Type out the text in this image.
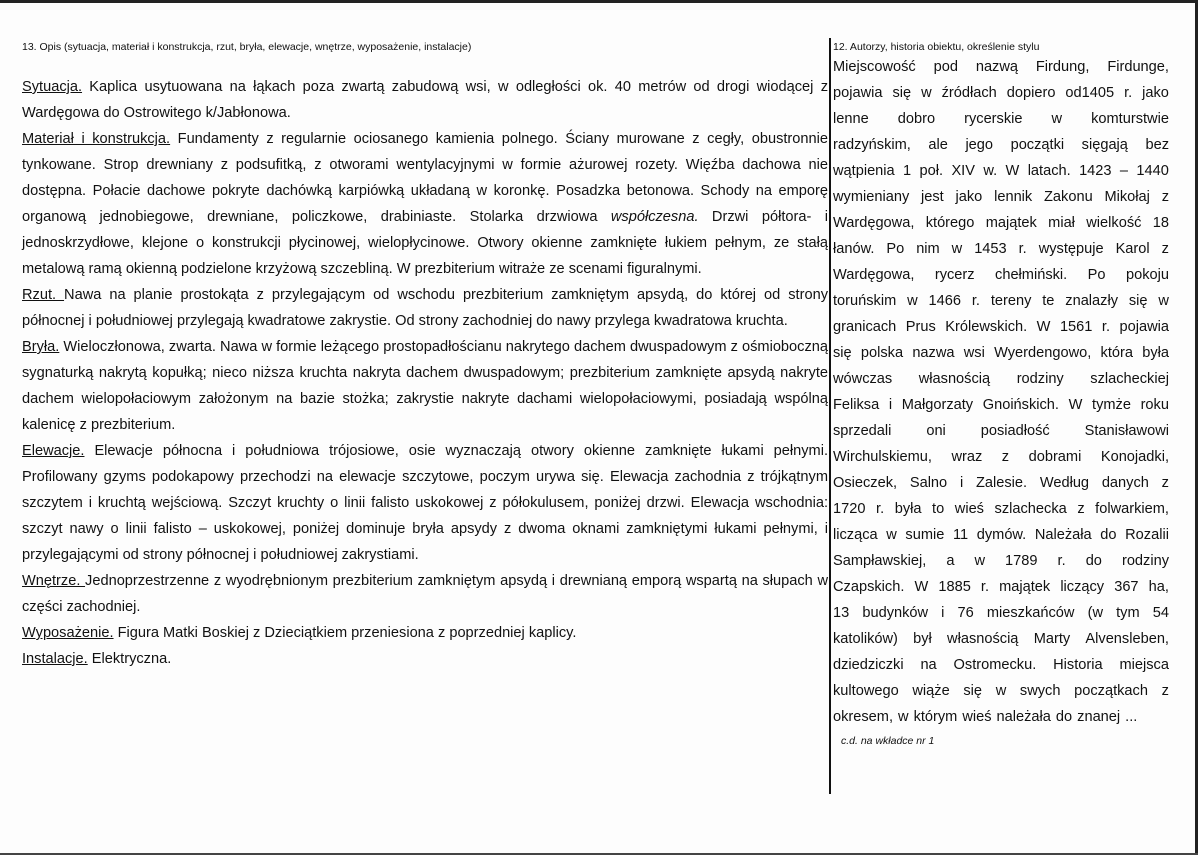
13. Opis (sytuacja, materiał i konstrukcja, rzut, bryła, elewacje, wnętrze, wyposażenie, instalacje)

Sytuacja. Kaplica usytuowana na łąkach poza zwartą zabudową wsi, w odległości ok. 40 metrów od drogi wiodącej z Wardęgowa do Ostrowitego k/Jabłonowa.

Materiał i konstrukcja. Fundamenty z regularnie ociosanego kamienia polnego. Ściany murowane z cegły, obustronnie tynkowane. Strop drewniany z podsufitką, z otworami wentylacyjnymi w formie ażurowej rozety. Więźba dachowa nie dostępna. Połacie dachowe pokryte dachówką karpiówką układaną w koronkę. Posadzka betonowa. Schody na emporę organową jednobiegowe, drewniane, policzkowe, drabiniaste. Stolarka drzwiowa współczesna. Drzwi półtora- i jednoskrzydłowe, klejone o konstrukcji płycinowej, wielopłycinowe. Otwory okienne zamknięte łukiem pełnym, ze stałą metalową ramą okienną podzielone krzyżową szczebliną. W prezbiterium witraże ze scenami figuralnymi.

Rzut. Nawa na planie prostokąta z przylegającym od wschodu prezbiterium zamkniętym apsydą, do której od strony północnej i południowej przylegają kwadratowe zakrystie. Od strony zachodniej do nawy przylega kwadratowa kruchta.

Bryła. Wieloczłonowa, zwarta. Nawa w formie leżącego prostopadłościanu nakrytego dachem dwuspadowym z ośmioboczną sygnaturką nakrytą kopułką; nieco niższa kruchta nakryta dachem dwuspadowym; prezbiterium zamknięte apsydą nakryte dachem wielopołaciowym założonym na bazie stożka; zakrystie nakryte dachami wielopołaciowymi, posiadają wspólną kalenicę z prezbiterium.

Elewacje. Elewacje północna i południowa trójosiowe, osie wyznaczają otwory okienne zamknięte łukami pełnymi. Profilowany gzyms podokapowy przechodzi na elewacje szczytowe, poczym urywa się. Elewacja zachodnia z trójkątnym szczytem i kruchtą wejściową. Szczyt kruchty o linii falisto uskokowej z półokulusem, poniżej drzwi. Elewacja wschodnia: szczyt nawy o linii falisto – uskokowej, poniżej dominuje bryła apsydy z dwoma oknami zamkniętymi łukami pełnymi, i przylegającymi od strony północnej i południowej zakrystiami.

Wnętrze. Jednoprzestrzenne z wyodrębnionym prezbiterium zamkniętym apsydą i drewnianą emporą wspartą na słupach w części zachodniej.

Wyposażenie. Figura Matki Boskiej z Dzieciątkiem przeniesiona z poprzedniej kaplicy.

Instalacje. Elektryczna.

12. Autorzy, historia obiektu, określenie stylu

Miejscowość pod nazwą Firdung, Firdunge,
pojawia się w źródłach dopiero od1405 r. jako
lenne dobro rycerskie w komturstwie
radzyńskim, ale jego początki sięgają bez
wątpienia 1 poł. XIV w. W latach. 1423 – 1440
wymieniany jest jako lennik Zakonu Mikołaj z
Wardęgowa, którego majątek miał wielkość 18
łanów. Po nim w 1453 r. występuje Karol z
Wardęgowa, rycerz chełmiński. Po pokoju
toruńskim w 1466 r. tereny te znalazły się w
granicach Prus Królewskich. W 1561 r. pojawia
się polska nazwa wsi Wyerdengowo, która była
wówczas własnością rodziny szlacheckiej
Feliksa i Małgorzaty Gnoińskich. W tymże roku
sprzedali oni posiadłość Stanisławowi
Wirchulskiemu, wraz z dobrami Konojadki,
Osieczek, Salno i Zalesie. Według danych z
1720 r. była to wieś szlachecka z folwarkiem,
licząca w sumie 11 dymów. Należała do Rozalii
Sampławskiej, a w 1789 r. do rodziny
Czapskich. W 1885 r. majątek liczący 367 ha,
13 budynków i 76 mieszkańców (w tym 54
katolików) był własnością Marty Alvensleben,
dziedziczki na Ostromecku. Historia miejsca
kultowego wiąże się w swych początkach z
okresem, w którym wieś należała do znanej ...
c.d. na wkładce nr 1
